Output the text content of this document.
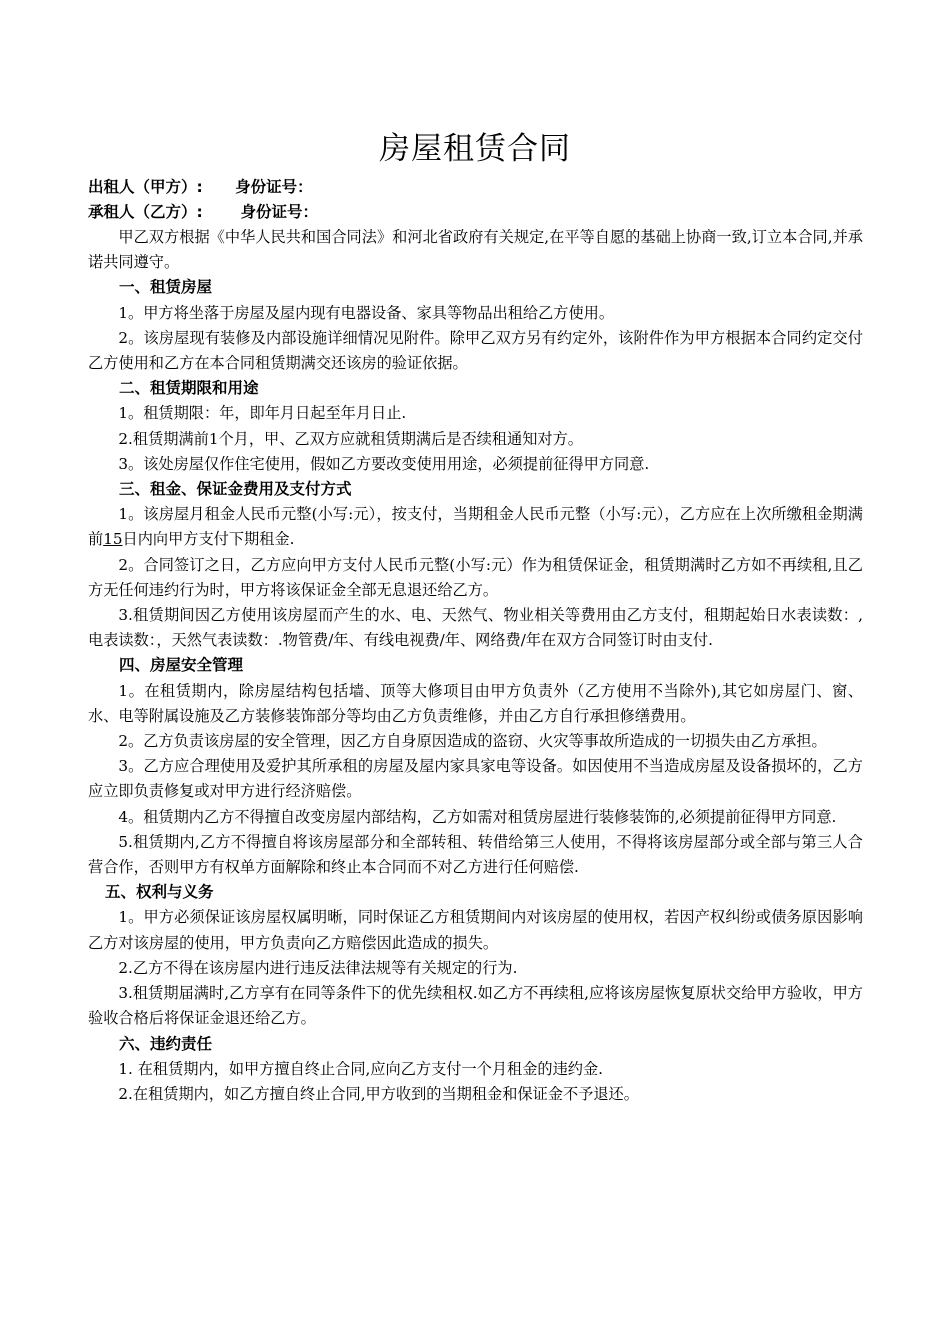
房屋租赁合同
出租人（甲方）:      身份证号：
承租人（乙方）:       身份证号：

甲乙双方根据《中华人民共和国合同法》和河北省政府有关规定,在平等自愿的基础上协商一致,订立本合同,并承诺共同遵守。

一、租赁房屋

1。甲方将坐落于房屋及屋内现有电器设备、家具等物品出租给乙方使用。

2。该房屋现有装修及内部设施详细情况见附件。除甲乙双方另有约定外，该附件作为甲方根据本合同约定交付乙方使用和乙方在本合同租赁期满交还该房的验证依据。

二、租赁期限和用途

1。租赁期限：年，即年月日起至年月日止.

2.租赁期满前1个月，甲、乙双方应就租赁期满后是否续租通知对方。

3。该处房屋仅作住宅使用，假如乙方要改变使用用途，必须提前征得甲方同意.

三、租金、保证金费用及支付方式

1。该房屋月租金人民币元整(小写:元），按支付，当期租金人民币元整（小写:元），乙方应在上次所缴租金期满前15日内向甲方支付下期租金.

2。合同签订之日，乙方应向甲方支付人民币元整(小写:元）作为租赁保证金，租赁期满时乙方如不再续租,且乙方无任何违约行为时，甲方将该保证金全部无息退还给乙方。

3.租赁期间因乙方使用该房屋而产生的水、电、天然气、物业相关等费用由乙方支付，租期起始日水表读数：,电表读数：，天然气表读数：.物管费/年、有线电视费/年、网络费/年在双方合同签订时由支付.

四、房屋安全管理

1。在租赁期内，除房屋结构包括墙、顶等大修项目由甲方负责外（乙方使用不当除外),其它如房屋门、窗、水、电等附属设施及乙方装修装饰部分等均由乙方负责维修，并由乙方自行承担修缮费用。

2。乙方负责该房屋的安全管理，因乙方自身原因造成的盗窃、火灾等事故所造成的一切损失由乙方承担。

3。乙方应合理使用及爱护其所承租的房屋及屋内家具家电等设备。如因使用不当造成房屋及设备损坏的，乙方应立即负责修复或对甲方进行经济赔偿。

4。租赁期内乙方不得擅自改变房屋内部结构，乙方如需对租赁房屋进行装修装饰的,必须提前征得甲方同意.

5.租赁期内,乙方不得擅自将该房屋部分和全部转租、转借给第三人使用，不得将该房屋部分或全部与第三人合营合作，否则甲方有权单方面解除和终止本合同而不对乙方进行任何赔偿.

五、权利与义务

1。甲方必须保证该房屋权属明晰，同时保证乙方租赁期间内对该房屋的使用权，若因产权纠纷或债务原因影响乙方对该房屋的使用，甲方负责向乙方赔偿因此造成的损失。

2.乙方不得在该房屋内进行违反法律法规等有关规定的行为.

3.租赁期届满时,乙方享有在同等条件下的优先续租权.如乙方不再续租,应将该房屋恢复原状交给甲方验收，甲方验收合格后将保证金退还给乙方。

六、违约责任

1. 在租赁期内，如甲方擅自终止合同,应向乙方支付一个月租金的违约金.

2.在租赁期内，如乙方擅自终止合同,甲方收到的当期租金和保证金不予退还。
